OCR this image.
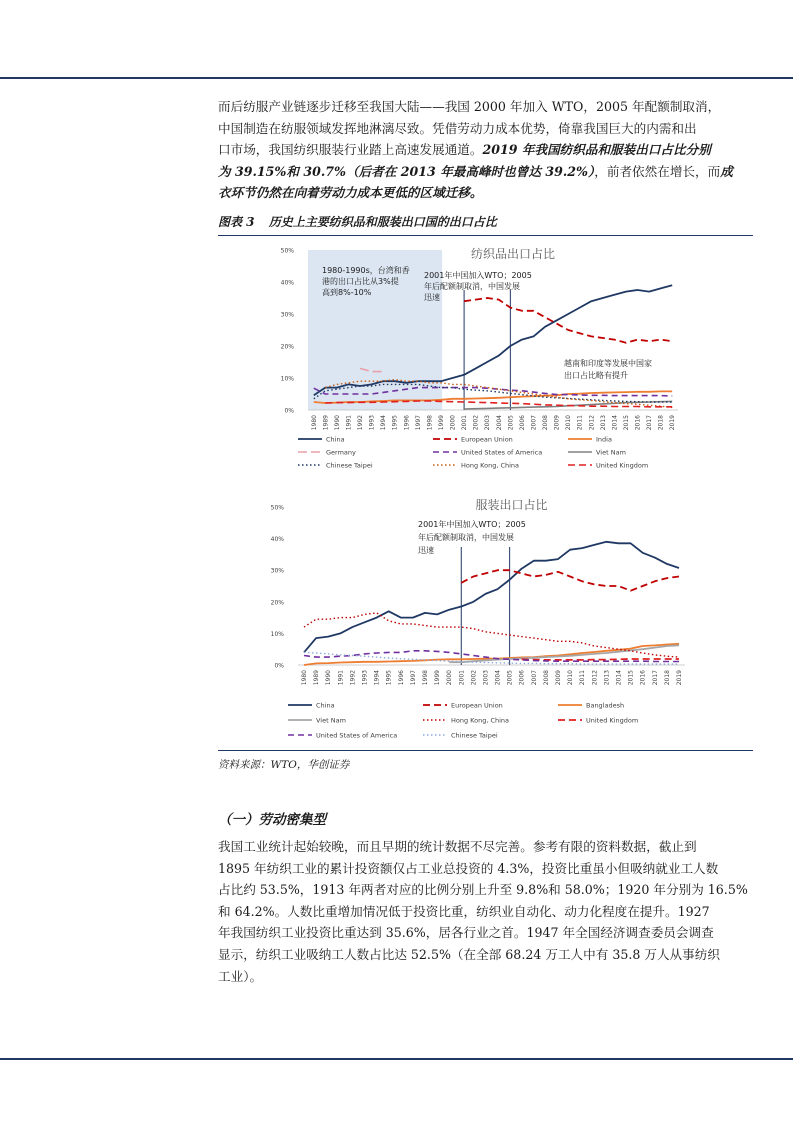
而后纺服产业链逐步迁移至我国大陆——我国 2000 年加入 WTO，2005 年配额制取消，
中国制造在纺服领域发挥地淋漓尽致。凭借劳动力成本优势，倚靠我国巨大的内需和出
口市场，我国纺织服装行业踏上高速发展通道。2019 年我国纺织品和服装出口占比分别
为 39.15%和 30.7%（后者在 2013 年最高峰时也曾达 39.2%），前者依然在增长，而成
衣环节仍然在向着劳动力成本更低的区域迁移。

图表 3 历史上主要纺织品和服装出口国的出口占比
纺织品出口占比
0%
10%
20%
30%
40%
50%
1980 1989 1990 1991 1992 1993 1994 1995 1996 1997 1998 1999 2000 2001 2002 2003 2004 2005 2006 2007 2008 2009 2010 2011 2012 2013 2014 2015 2016 2017 2018 2019
1980-1990s，台湾和香
港的出口占比从3%提
高到8%-10%
2001年中国加入WTO；2005
年后配额制取消，中国发展
迅速
越南和印度等发展中国家
出口占比略有提升
China	European Union	India
Germany	United States of America	Viet Nam
Chinese Taipei	Hong Kong, China	United Kingdom
服装出口占比
0%
10%
20%
30%
40%
50%
1980 1989 1990 1991 1992 1993 1994 1995 1996 1997 1998 1999 2000 2001 2002 2003 2004 2005 2006 2007 2008 2009 2010 2011 2012 2013 2014 2015 2016 2017 2018 2019
2001年中国加入WTO；2005
年后配额制取消，中国发展
迅速
China	European Union	Bangladesh
Viet Nam	Hong Kong, China	United Kingdom
United States of America	Chinese Taipei
资料来源：WTO，华创证券
（一）劳动密集型

我国工业统计起始较晚，而且早期的统计数据不尽完善。参考有限的资料数据，截止到
1895 年纺织工业的累计投资额仅占工业总投资的 4.3%，投资比重虽小但吸纳就业工人数
占比约 53.5%，1913 年两者对应的比例分别上升至 9.8%和 58.0%；1920 年分别为 16.5%
和 64.2%。人数比重增加情况低于投资比重，纺织业自动化、动力化程度在提升。1927
年我国纺织工业投资比重达到 35.6%，居各行业之首。1947 年全国经济调查委员会调查
显示，纺织工业吸纳工人数占比达 52.5%（在全部 68.24 万工人中有 35.8 万人从事纺织
工业）。
